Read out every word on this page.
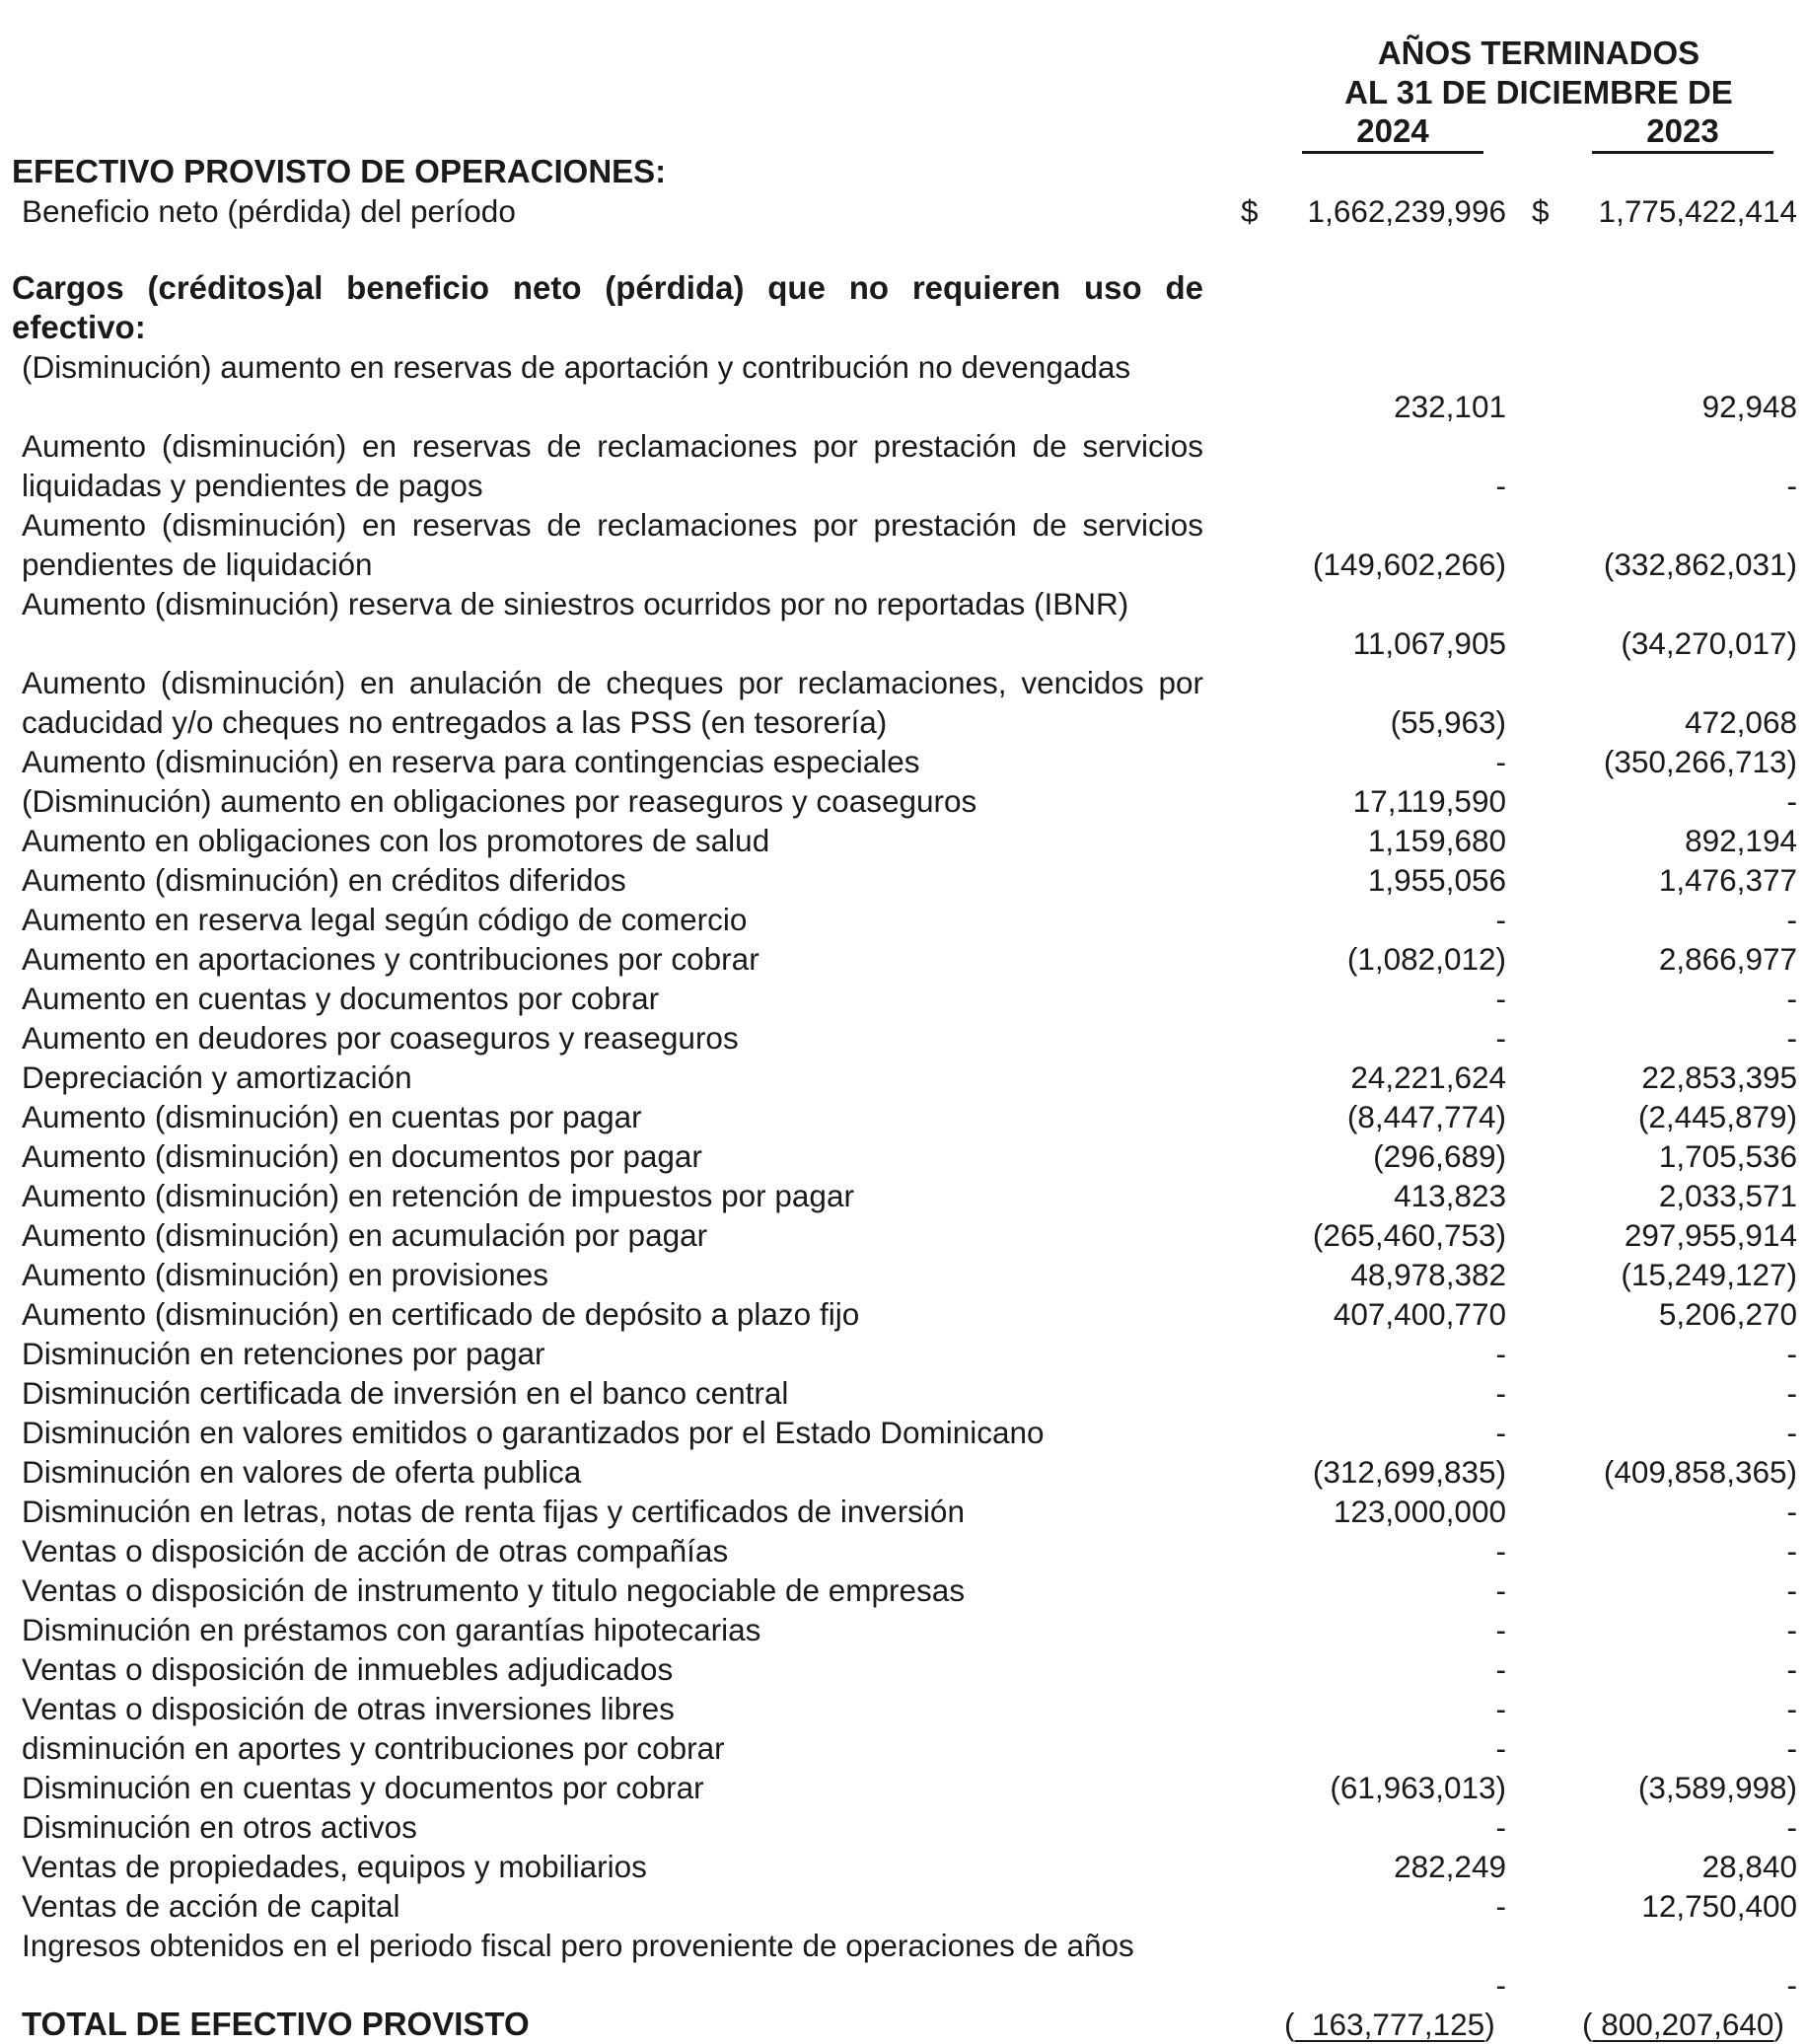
AÑOS TERMINADOS
AL 31 DE DICIEMBRE DE
2024	2023
EFECTIVO PROVISTO DE OPERACIONES:
Beneficio neto (pérdida) del período	$	1,662,239,996 $	1,775,422,414
Cargos (créditos)al beneficio neto (pérdida) que no requieren uso de efectivo:
(Disminución) aumento en reservas de aportación y contribución no devengadas
232,101	92,948
Aumento (disminución) en reservas de reclamaciones por prestación de servicios liquidadas y pendientes de pagos	-	-
Aumento (disminución) en reservas de reclamaciones por prestación de servicios pendientes de liquidación	(149,602,266)	(332,862,031)
Aumento (disminución) reserva de siniestros ocurridos por no reportadas (IBNR)
11,067,905	(34,270,017)
Aumento (disminución) en anulación de cheques por reclamaciones, vencidos por caducidad y/o cheques no entregados a las PSS (en tesorería)	(55,963)	472,068
Aumento (disminución) en reserva para contingencias especiales	-	(350,266,713)
(Disminución) aumento en obligaciones por reaseguros y coaseguros	17,119,590	-
Aumento en obligaciones con los promotores de salud	1,159,680	892,194
Aumento (disminución) en créditos diferidos	1,955,056	1,476,377
Aumento en reserva legal según código de comercio	-	-
Aumento en aportaciones y contribuciones por cobrar	(1,082,012)	2,866,977
Aumento en cuentas y documentos por cobrar	-	-
Aumento en deudores por coaseguros y reaseguros	-	-
Depreciación y amortización	24,221,624	22,853,395
Aumento (disminución) en cuentas por pagar	(8,447,774)	(2,445,879)
Aumento (disminución) en documentos por pagar	(296,689)	1,705,536
Aumento (disminución) en retención de impuestos por pagar	413,823	2,033,571
Aumento (disminución) en acumulación por pagar	(265,460,753)	297,955,914
Aumento (disminución) en provisiones	48,978,382	(15,249,127)
Aumento (disminución) en certificado de depósito a plazo fijo	407,400,770	5,206,270
Disminución en retenciones por pagar	-	-
Disminución certificada de inversión en el banco central	-	-
Disminución en valores emitidos o garantizados por el Estado Dominicano	-	-
Disminución en valores de oferta publica	(312,699,835)	(409,858,365)
Disminución en letras, notas de renta fijas y certificados de inversión	123,000,000	-
Ventas o disposición de acción de otras compañías	-	-
Ventas o disposición de instrumento y titulo negociable de empresas	-	-
Disminución en préstamos con garantías hipotecarias	-	-
Ventas o disposición de inmuebles adjudicados	-	-
Ventas o disposición de otras inversiones libres	-	-
disminución en aportes y contribuciones por cobrar	-	-
Disminución en cuentas y documentos por cobrar	(61,963,013)	(3,589,998)
Disminución en otros activos	-	-
Ventas de propiedades, equipos y mobiliarios	282,249	28,840
Ventas de acción de capital	-	12,750,400
Ingresos obtenidos en el periodo fiscal pero proveniente de operaciones de años
-	-
TOTAL DE EFECTIVO PROVISTO	( 163,777,125)	( 800,207,640)
